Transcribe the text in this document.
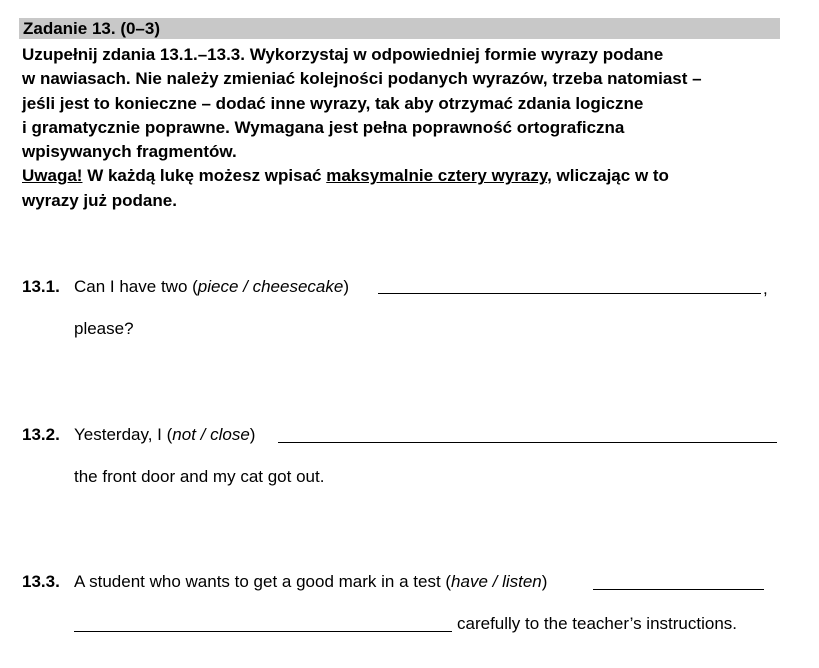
Zadanie 13. (0–3)
Uzupełnij zdania 13.1.–13.3. Wykorzystaj w odpowiedniej formie wyrazy podane
w nawiasach. Nie należy zmieniać kolejności podanych wyrazów, trzeba natomiast –
jeśli jest to konieczne – dodać inne wyrazy, tak aby otrzymać zdania logiczne
i gramatycznie poprawne. Wymagana jest pełna poprawność ortograficzna
wpisywanych fragmentów.
Uwaga! W każdą lukę możesz wpisać maksymalnie cztery wyrazy, wliczając w to
wyrazy już podane.
13.1. Can I have two (piece / cheesecake)	,
please?
13.2. Yesterday, I (not / close)
the front door and my cat got out.
13.3. A student who wants to get a good mark in a test (have / listen)
carefully to the teacher’s instructions.
